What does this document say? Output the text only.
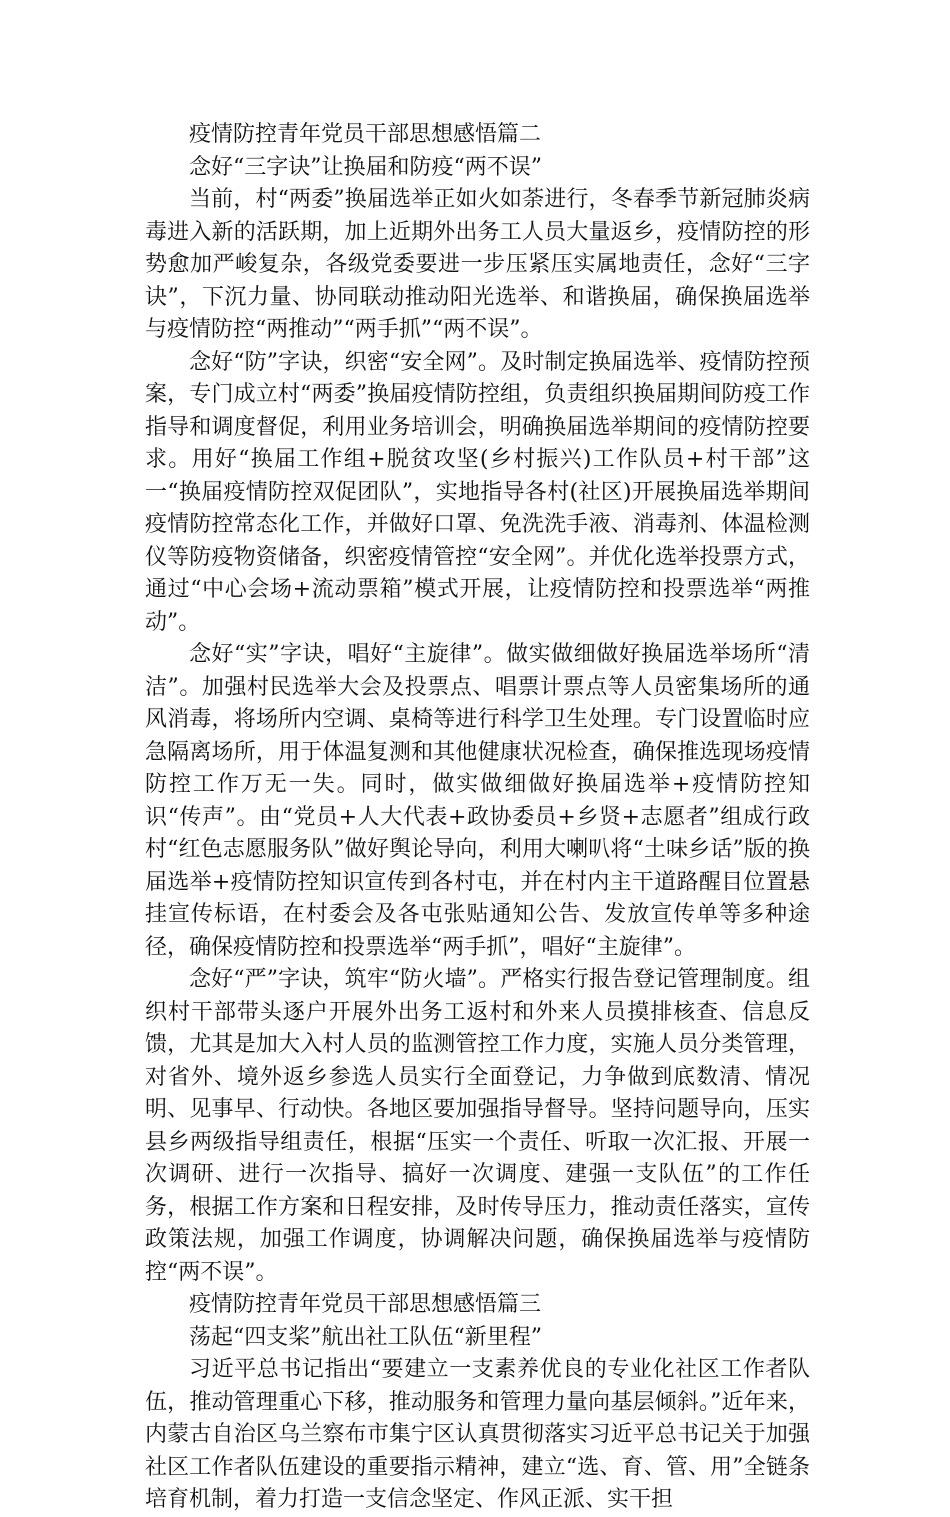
疫情防控青年党员干部思想感悟篇二

念好“三字诀”让换届和防疫“两不误”

当前，村“两委”换届选举正如火如荼进行，冬春季节新冠肺炎病毒进入新的活跃期，加上近期外出务工人员大量返乡，疫情防控的形势愈加严峻复杂，各级党委要进一步压紧压实属地责任，念好“三字诀”，下沉力量、协同联动推动阳光选举、和谐换届，确保换届选举与疫情防控“两推动”“两手抓”“两不误”。

念好“防”字诀，织密“安全网”。及时制定换届选举、疫情防控预案，专门成立村“两委”换届疫情防控组，负责组织换届期间防疫工作指导和调度督促，利用业务培训会，明确换届选举期间的疫情防控要求。用好“换届工作组+脱贫攻坚(乡村振兴)工作队员+村干部”这一“换届疫情防控双促团队”，实地指导各村(社区)开展换届选举期间疫情防控常态化工作，并做好口罩、免洗洗手液、消毒剂、体温检测仪等防疫物资储备，织密疫情管控“安全网”。并优化选举投票方式，通过“中心会场+流动票箱”模式开展，让疫情防控和投票选举“两推动”。

念好“实”字诀，唱好“主旋律”。做实做细做好换届选举场所“清洁”。加强村民选举大会及投票点、唱票计票点等人员密集场所的通风消毒，将场所内空调、桌椅等进行科学卫生处理。专门设置临时应急隔离场所，用于体温复测和其他健康状况检查，确保推选现场疫情防控工作万无一失。同时，做实做细做好换届选举+疫情防控知识“传声”。由“党员+人大代表+政协委员+乡贤+志愿者”组成行政村“红色志愿服务队”做好舆论导向，利用大喇叭将“土味乡话”版的换届选举+疫情防控知识宣传到各村屯，并在村内主干道路醒目位置悬挂宣传标语，在村委会及各屯张贴通知公告、发放宣传单等多种途径，确保疫情防控和投票选举“两手抓”，唱好“主旋律”。

念好“严”字诀，筑牢“防火墙”。严格实行报告登记管理制度。组织村干部带头逐户开展外出务工返村和外来人员摸排核查、信息反馈，尤其是加大入村人员的监测管控工作力度，实施人员分类管理，对省外、境外返乡参选人员实行全面登记，力争做到底数清、情况明、见事早、行动快。各地区要加强指导督导。坚持问题导向，压实县乡两级指导组责任，根据“压实一个责任、听取一次汇报、开展一次调研、进行一次指导、搞好一次调度、建强一支队伍”的工作任务，根据工作方案和日程安排，及时传导压力，推动责任落实，宣传政策法规，加强工作调度，协调解决问题，确保换届选举与疫情防控“两不误”。

疫情防控青年党员干部思想感悟篇三

荡起“四支桨”航出社工队伍“新里程”

习近平总书记指出“要建立一支素养优良的专业化社区工作者队伍，推动管理重心下移，推动服务和管理力量向基层倾斜。”近年来，内蒙古自治区乌兰察布市集宁区认真贯彻落实习近平总书记关于加强社区工作者队伍建设的重要指示精神，建立“选、育、管、用”全链条培育机制，着力打造一支信念坚定、作风正派、实干担
